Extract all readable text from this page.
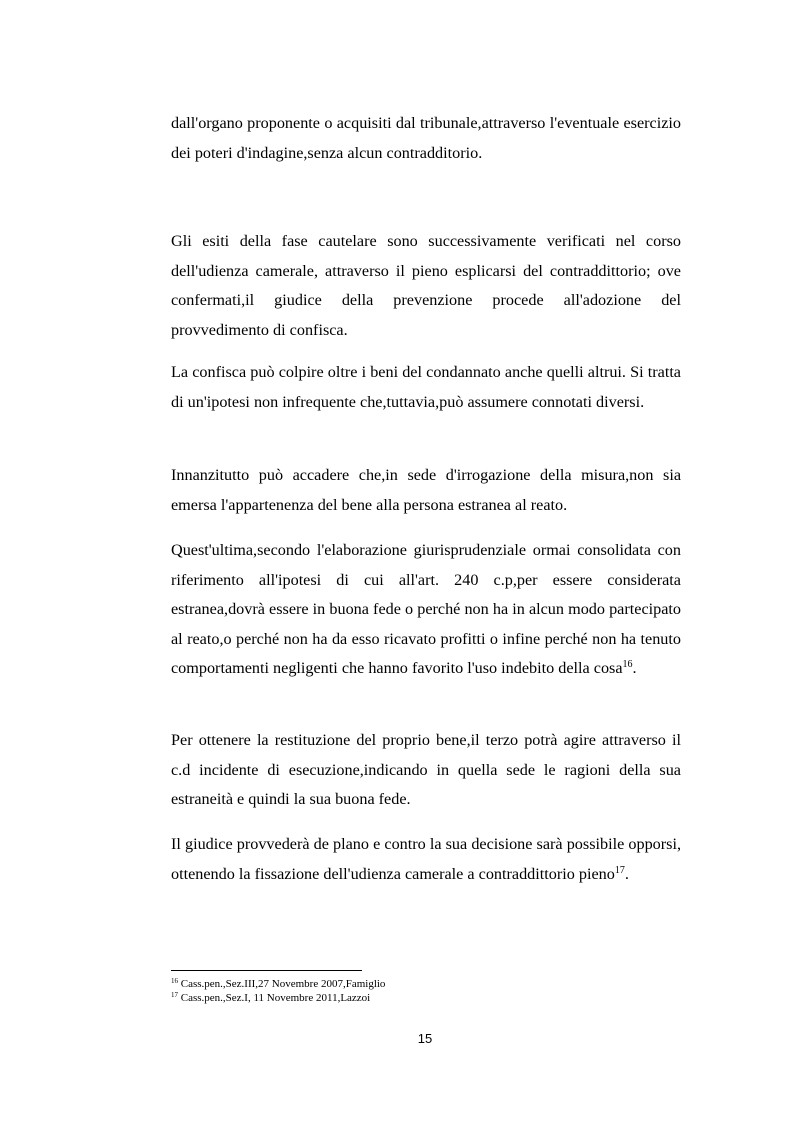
dall'organo proponente o acquisiti dal tribunale,attraverso l'eventuale esercizio dei poteri d'indagine,senza alcun contradditorio.

Gli esiti della fase cautelare sono successivamente verificati nel corso dell'udienza camerale, attraverso il pieno esplicarsi del contraddittorio; ove confermati,il giudice della prevenzione procede all'adozione del provvedimento di confisca.

La confisca può colpire oltre i beni del condannato anche quelli altrui. Si tratta di un'ipotesi non infrequente che,tuttavia,può assumere connotati diversi.

Innanzitutto può accadere che,in sede d'irrogazione della misura,non sia emersa l'appartenenza del bene alla persona estranea al reato.

Quest'ultima,secondo l'elaborazione giurisprudenziale ormai consolidata con riferimento all'ipotesi di cui all'art. 240 c.p,per essere considerata estranea,dovrà essere in buona fede o perché non ha in alcun modo partecipato al reato,o perché non ha da esso ricavato profitti o infine perché non ha tenuto comportamenti negligenti che hanno favorito l'uso indebito della cosa$^{16}$.

Per ottenere la restituzione del proprio bene,il terzo potrà agire attraverso il c.d incidente di esecuzione,indicando in quella sede le ragioni della sua estraneità e quindi la sua buona fede.

Il giudice provvederà de plano e contro la sua decisione sarà possibile opporsi, ottenendo la fissazione dell'udienza camerale a contraddittorio pieno$^{17}$.

$^{16}$ Cass.pen.,Sez.III,27 Novembre 2007,Famiglio
$^{17}$ Cass.pen.,Sez.I, 11 Novembre 2011,Lazzoi
15
